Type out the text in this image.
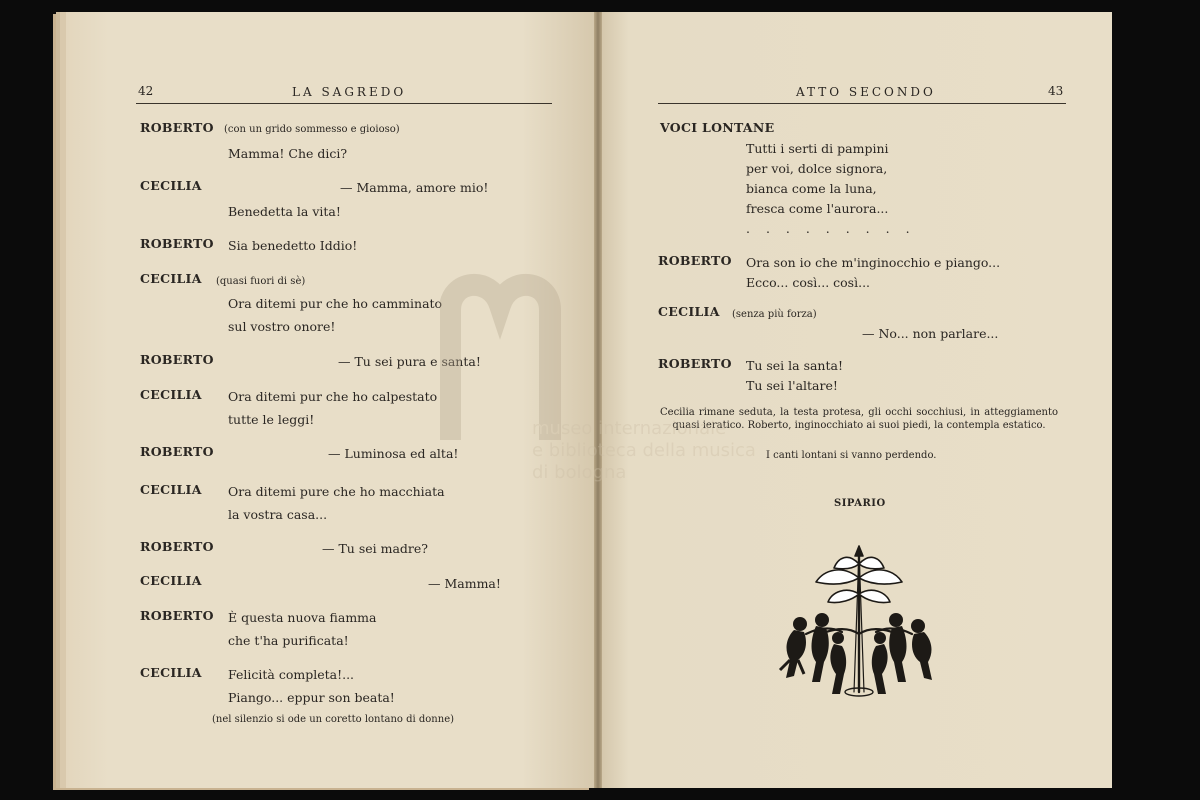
42	LA SAGREDO
ROBERTO (con un grido sommesso e gioioso)
Mamma! Che dici?
CECILIA	— Mamma, amore mio!
Benedetta la vita!
ROBERTO Sia benedetto Iddio!
CECILIA (quasi fuori di sè)
Ora ditemi pur che ho camminato
sul vostro onore!
ROBERTO	— Tu sei pura e santa!
CECILIA Ora ditemi pur che ho calpestato
tutte le leggi!
ROBERTO	— Luminosa ed alta!
CECILIA Ora ditemi pure che ho macchiata
la vostra casa...
ROBERTO	— Tu sei madre?
CECILIA	— Mamma!
ROBERTO È questa nuova fiamma
che t'ha purificata!
CECILIA Felicità completa!...
Piango... eppur son beata!
(nel silenzio si ode un coretto lontano di donne)
ATTO SECONDO	43
VOCI LONTANE
Tutti i serti di pampini
per voi, dolce signora,
bianca come la luna,
fresca come l'aurora...
. . . . . . . . .
ROBERTO Ora son io che m'inginocchio e piango...
Ecco... così... così...
CECILIA (senza più forza)
— No... non parlare...
ROBERTO Tu sei la santa!
Tu sei l'altare!
Cecilia rimane seduta, la testa protesa, gli occhi socchiusi, in atteggiamento quasi ieratico. Roberto, inginocchiato ai suoi piedi, la contempla estatico.
I canti lontani si vanno perdendo.
SIPARIO
museo internazionale
e biblioteca della musica
di bologna
